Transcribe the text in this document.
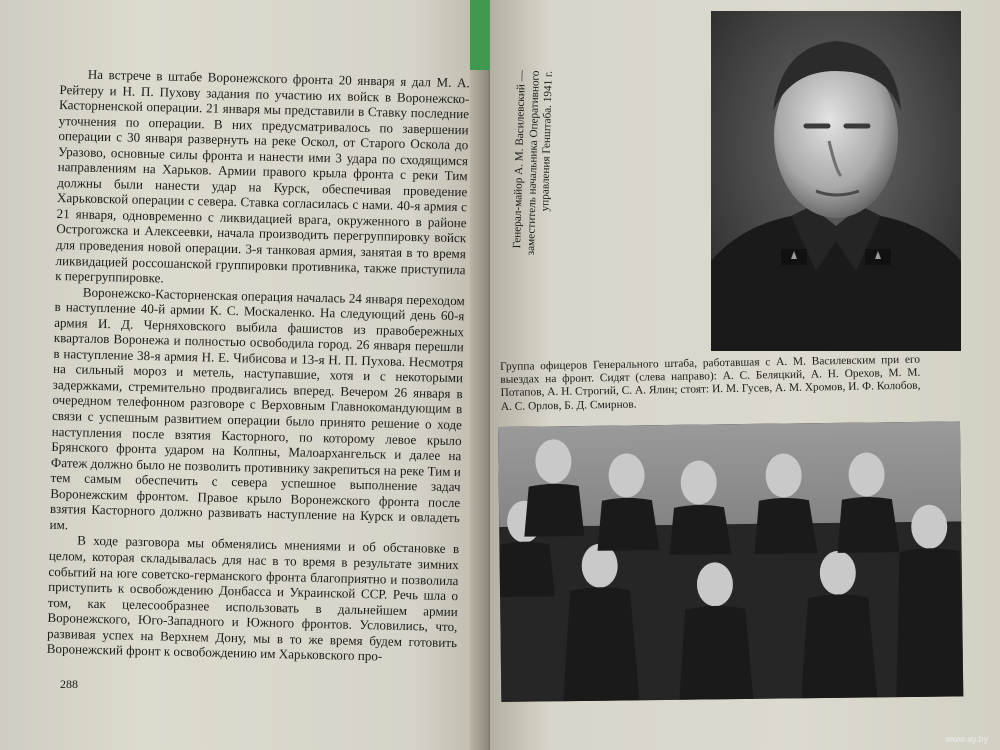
На встрече в штабе Воронежского фронта 20 января я дал М. А. Рейтеру и Н. П. Пухову задания по участию их войск в Воронежско-Касторненской операции. 21 января мы представили в Ставку последние уточнения по операции. В них предусматривалось по завершении операции с 30 января развернуть на реке Оскол, от Старого Оскола до Уразово, основные силы фронта и нанести ими 3 удара по сходящимся направлениям на Харьков. Армии правого крыла фронта с реки Тим должны были нанести удар на Курск, обеспечивая проведение Харьковской операции с севера. Ставка согласилась с нами. 40-я армия с 21 января, одновременно с ликвидацией врага, окруженного в районе Острогожска и Алексеевки, начала производить перегруппировку войск для проведения новой операции. 3-я танковая армия, занятая в то время ликвидацией россошанской группировки противника, также приступила к перегруппировке.

Воронежско-Касторненская операция началась 24 января переходом в наступление 40-й армии К. С. Москаленко. На следующий день 60-я армия И. Д. Черняховского выбила фашистов из правобережных кварталов Воронежа и полностью освободила город. 26 января перешли в наступление 38-я армия Н. Е. Чибисова и 13-я Н. П. Пухова. Несмотря на сильный мороз и метель, наступавшие, хотя и с некоторыми задержками, стремительно продвигались вперед. Вечером 26 января в очередном телефонном разговоре с Верховным Главнокомандующим в связи с успешным развитием операции было принято решение о ходе наступления после взятия Касторного, по которому левое крыло Брянского фронта ударом на Колпны, Малоархангельск и далее на Фатеж должно было не позволить противнику закрепиться на реке Тим и тем самым обеспечить с севера успешное выполнение задач Воронежским фронтом. Правое крыло Воронежского фронта после взятия Касторного должно развивать наступление на Курск и овладеть им.

В ходе разговора мы обменялись мнениями и об обстановке в целом, которая складывалась для нас в то время в результате зимних событий на юге советско-германского фронта благоприятно и позволила приступить к освобождению Донбасса и Украинской ССР. Речь шла о том, как целесообразнее использовать в дальнейшем армии Воронежского, Юго-Западного и Южного фронтов. Условились, что, развивая успех на Верхнем Дону, мы в то же время будем готовить Воронежский фронт к освобождению им Харьковского про-

288
Генерал-майор А. М. Василевский — заместитель начальника Оперативного управления Генштаба. 1941 г.
Группа офицеров Генерального штаба, работавшая с А. М. Василевским при его выездах на фронт. Сидят (слева направо): А. С. Беляцкий, А. Н. Орехов, М. М. Потапов, А. Н. Строгий, С. А. Ялин; стоят: И. М. Гусев, А. М. Хромов, И. Ф. Колобов, А. С. Орлов, Б. Д. Смирнов.
www.ay.by
